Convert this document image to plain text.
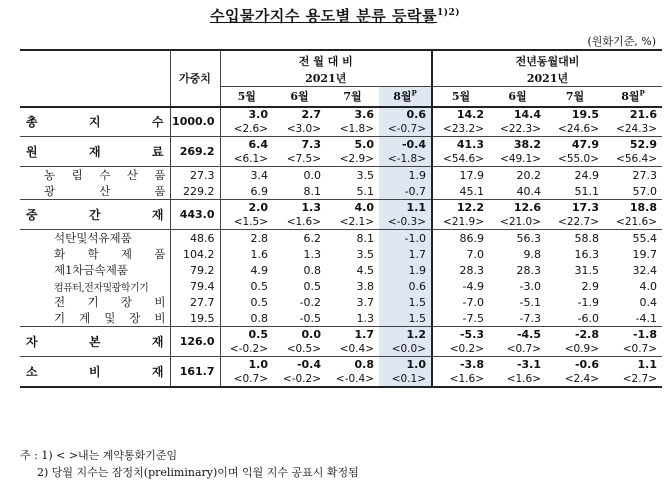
수입물가지수 용도별 분류 등락률$^{1)2)}$
(원화기준, %)
	가중치	전 월 대 비				전년동월대비			
		2021년				2021년			
		5월	6월	7월	8월$^P$	5월	6월	7월	8월$^P$

총 지 수	1000.0	3.0	2.7	3.6	0.6	14.2	14.4	19.5	21.6
		<2.6>	<3.0>	<1.8>	<-0.7>	<23.2>	<22.3>	<24.6>	<24.3>

원 재 료	269.2	6.4	7.3	5.0	-0.4	41.3	38.2	47.9	52.9
		<6.1>	<7.5>	<2.9>	<-1.8>	<54.6>	<49.1>	<55.0>	<56.4>

농 림 수 산 품	27.3	3.4	0.0	3.5	1.9	17.9	20.2	24.9	27.3

광 산 품	229.2	6.9	8.1	5.1	-0.7	45.1	40.4	51.1	57.0

중 간 재	443.0	2.0	1.3	4.0	1.1	12.2	12.6	17.3	18.8
		<1.5>	<1.6>	<2.1>	<-0.3>	<21.9>	<21.0>	<22.7>	<21.6>

석탄및석유제품	48.6	2.8	6.2	8.1	-1.0	86.9	56.3	58.8	55.4

화 학 제 품	104.2	1.6	1.3	3.5	1.7	7.0	9.8	16.3	19.7

제1차금속제품	79.2	4.9	0.8	4.5	1.9	28.3	28.3	31.5	32.4

컴퓨터,전자및광학기기	79.4	0.5	0.5	3.8	0.6	-4.9	-3.0	2.9	4.0

전 기 장 비	27.7	0.5	-0.2	3.7	1.5	-7.0	-5.1	-1.9	0.4

기 계 및 장 비	19.5	0.8	-0.5	1.3	1.5	-7.5	-7.3	-6.0	-4.1

자 본 재	126.0	0.5	0.0	1.7	1.2	-5.3	-4.5	-2.8	-1.8
		<-0.2>	<0.5>	<0.4>	<0.0>	<0.2>	<0.7>	<0.9>	<0.7>

소 비 재	161.7	1.0	-0.4	0.8	1.0	-3.8	-3.1	-0.6	1.1
		<0.7>	<-0.2>	<-0.4>	<0.1>	<1.6>	<1.6>	<2.4>	<2.7>
주 : 1) < >내는 계약통화기준임
2) 당월 지수는 잠정치(preliminary)이며 익월 지수 공표시 확정됨
